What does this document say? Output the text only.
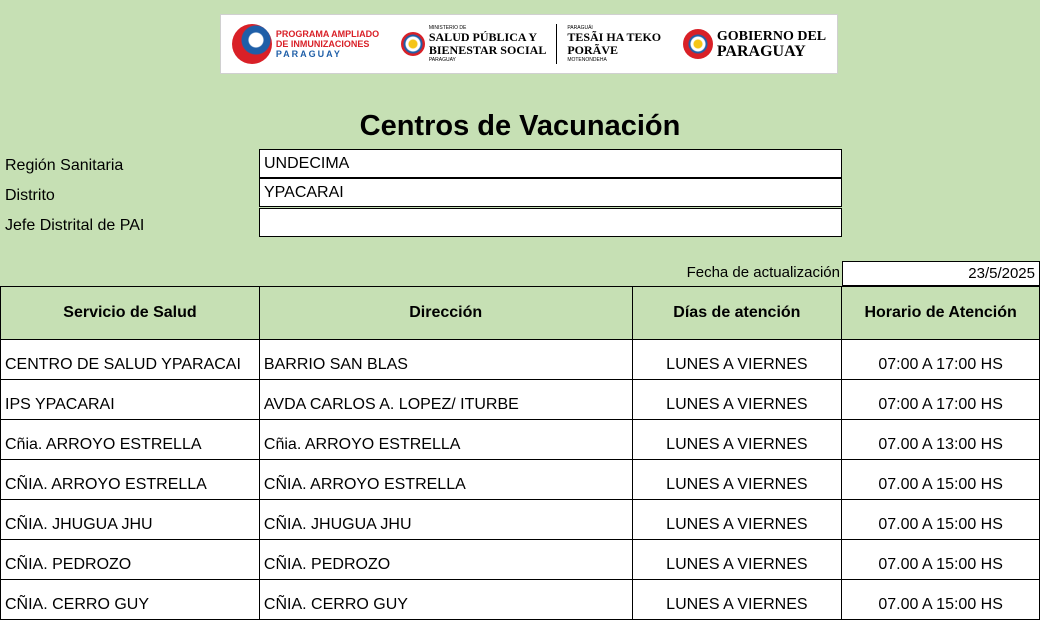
PROGRAMA AMPLIADO
DE INMUNIZACIONES
PARAGUAY
MINISTERIO DE
SALUD PÚBLICA Y
BIENESTAR SOCIAL
PARAGUAY
PARAGUÁI
TESÃI HA TEKO
PORÃVE
MOTENONDEHA
GOBIERNO DEL
PARAGUAY
Centros de Vacunación
Región Sanitaria	UNDECIMA
Distrito	YPACARAI
Jefe Distrital de PAI
Fecha de actualización	23/5/2025
Servicio de Salud	Dirección	Días de atención	Horario de Atención
CENTRO DE SALUD YPARACAI	BARRIO SAN BLAS	LUNES A VIERNES	07:00 A 17:00 HS
IPS YPACARAI	AVDA CARLOS A. LOPEZ/ ITURBE	LUNES A VIERNES	07:00 A 17:00 HS
Cñia. ARROYO ESTRELLA	Cñia. ARROYO ESTRELLA	LUNES A VIERNES	07.00 A 13:00 HS
CÑIA. ARROYO ESTRELLA	CÑIA. ARROYO ESTRELLA	LUNES A VIERNES	07.00 A 15:00 HS
CÑIA. JHUGUA JHU	CÑIA. JHUGUA JHU	LUNES A VIERNES	07.00 A 15:00 HS
CÑIA. PEDROZO	CÑIA. PEDROZO	LUNES A VIERNES	07.00 A 15:00 HS
CÑIA. CERRO GUY	CÑIA. CERRO GUY	LUNES A VIERNES	07.00 A 15:00 HS
